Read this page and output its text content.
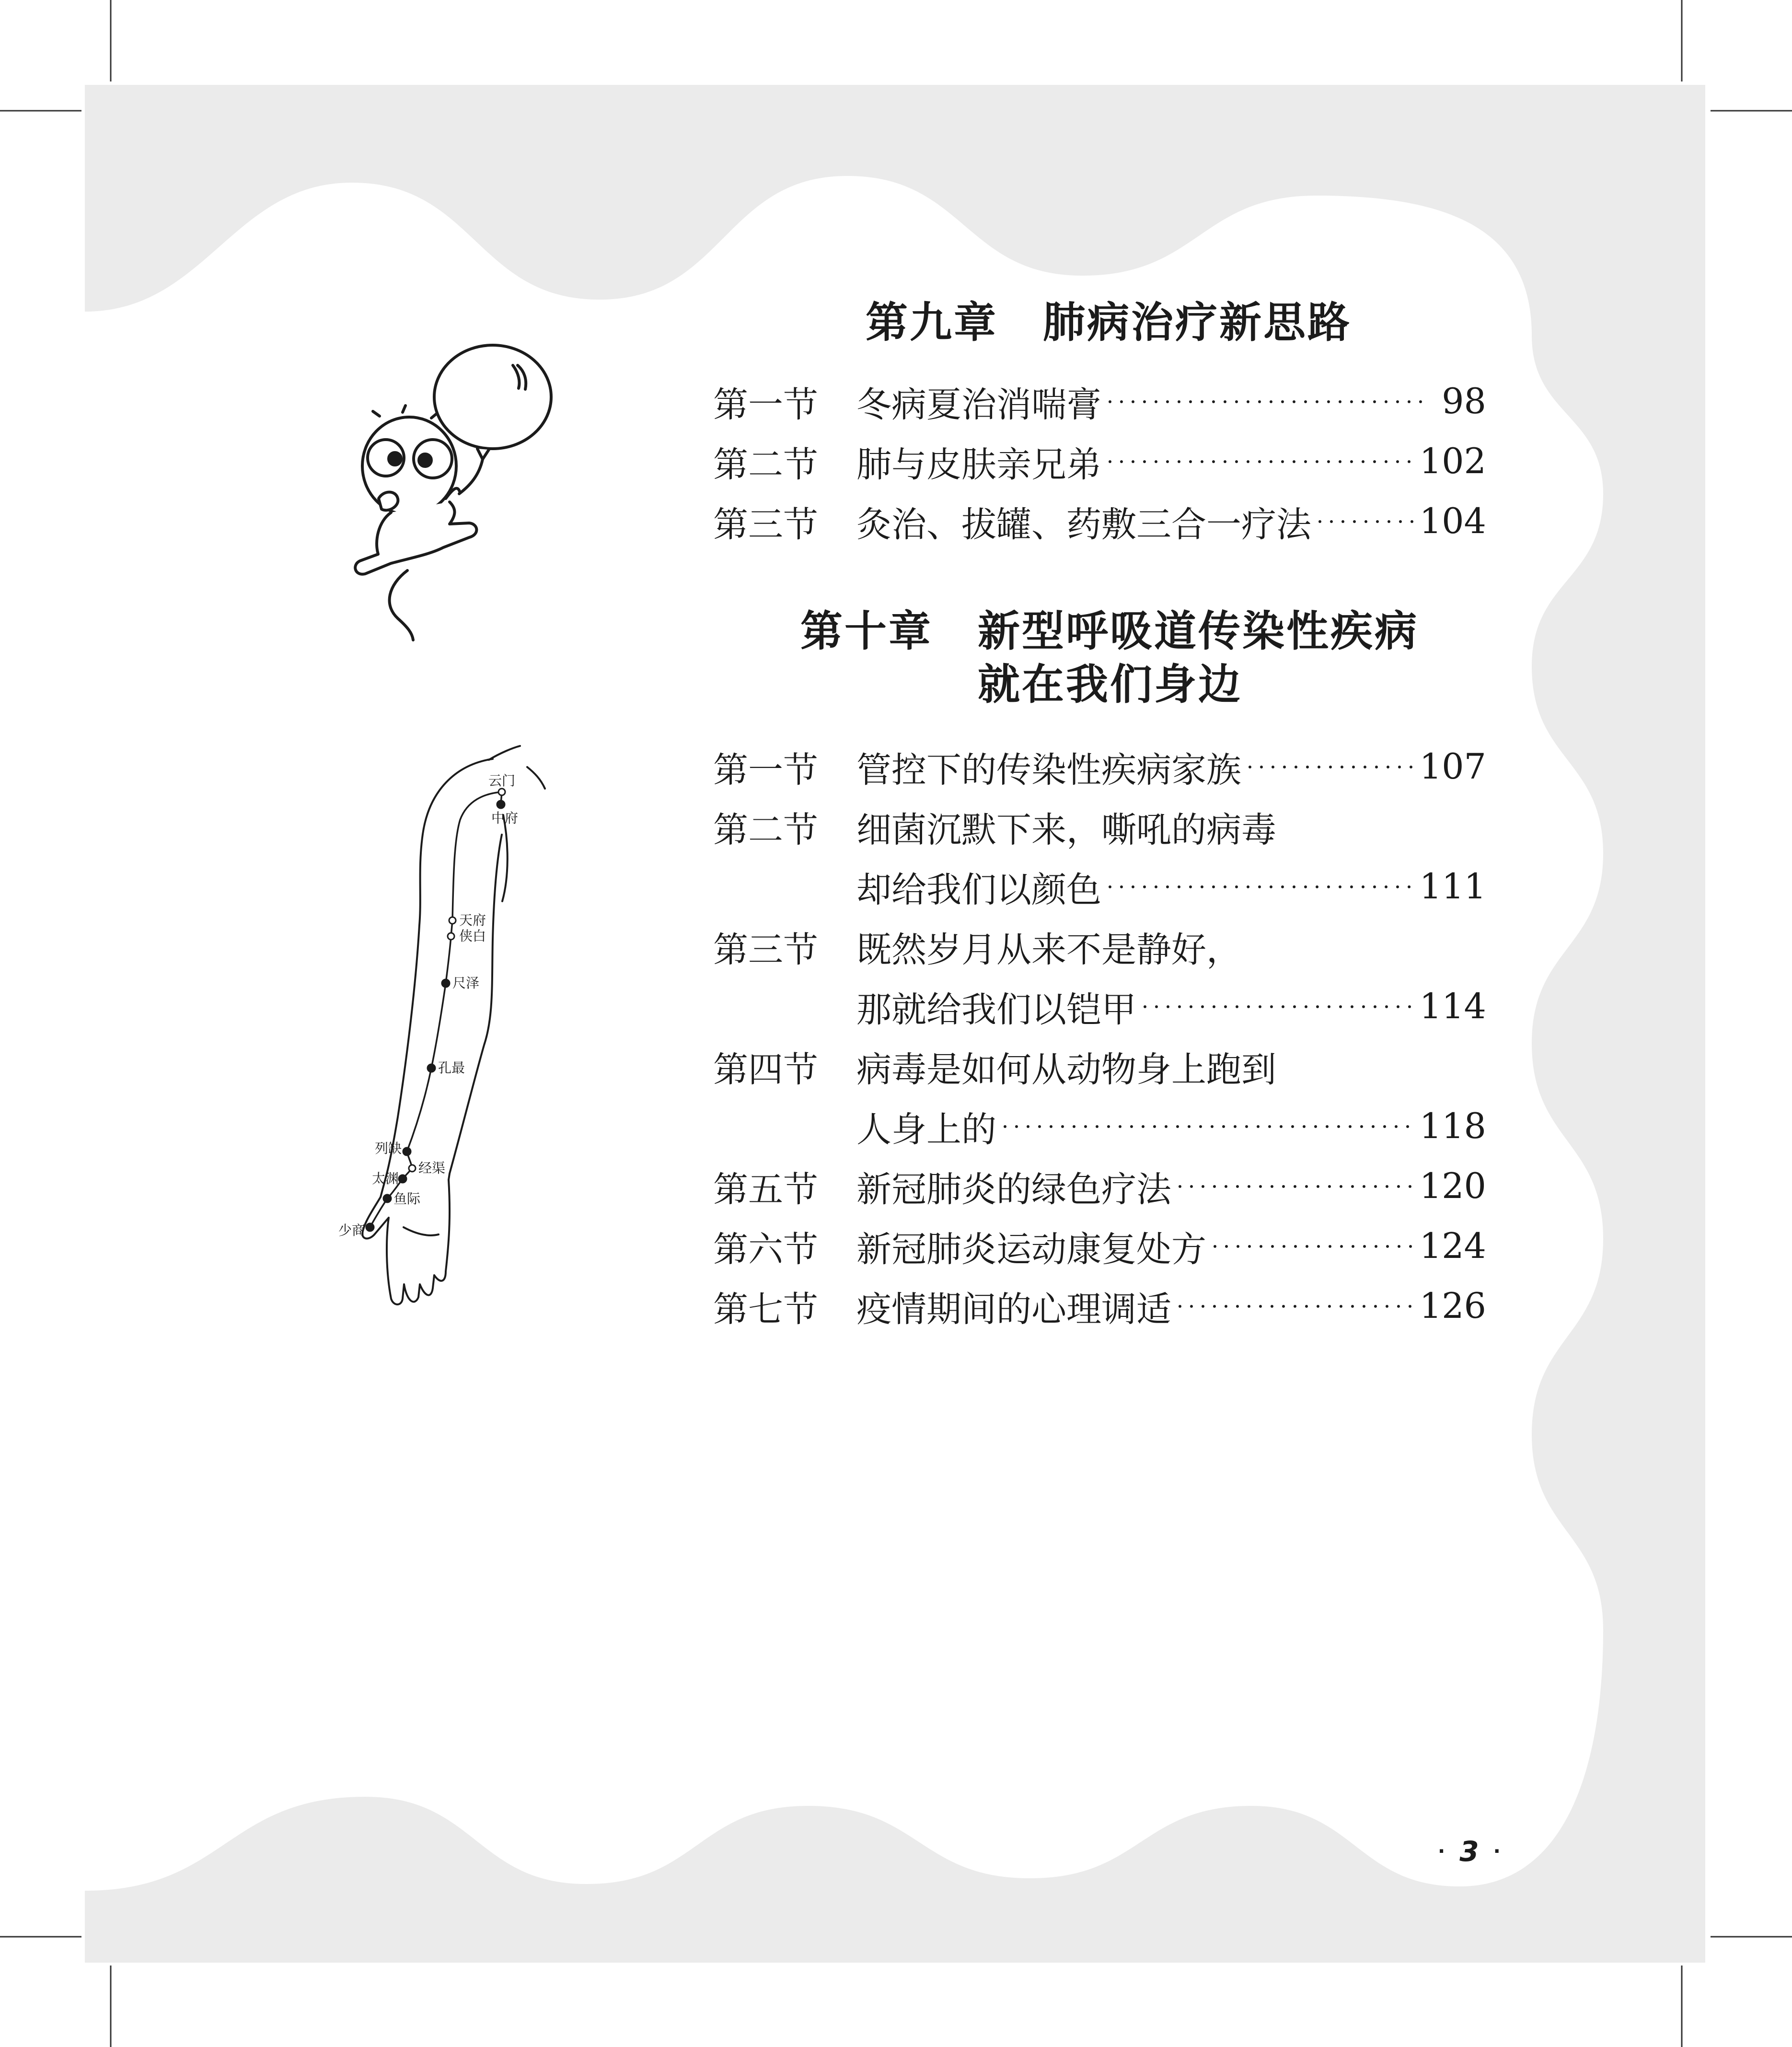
云门
中府
天府
侠白
尺泽
孔最
列缺
经渠
太渊
鱼际
少商
第九章	肺病治疗新思路
第一节	冬病夏治消喘膏	98
第二节	肺与皮肤亲兄弟	102
第三节	灸治、拔罐、药敷三合一疗法	104
第十章	新型呼吸道传染性疾病
就在我们身边
第一节	管控下的传染性疾病家族	107
第二节	细菌沉默下来，嘶吼的病毒
却给我们以颜色	111
第三节	既然岁月从来不是静好，
那就给我们以铠甲	114
第四节	病毒是如何从动物身上跑到
人身上的	118
第五节	新冠肺炎的绿色疗法	120
第六节	新冠肺炎运动康复处方	124
第七节	疫情期间的心理调适	126
· 3 ·
